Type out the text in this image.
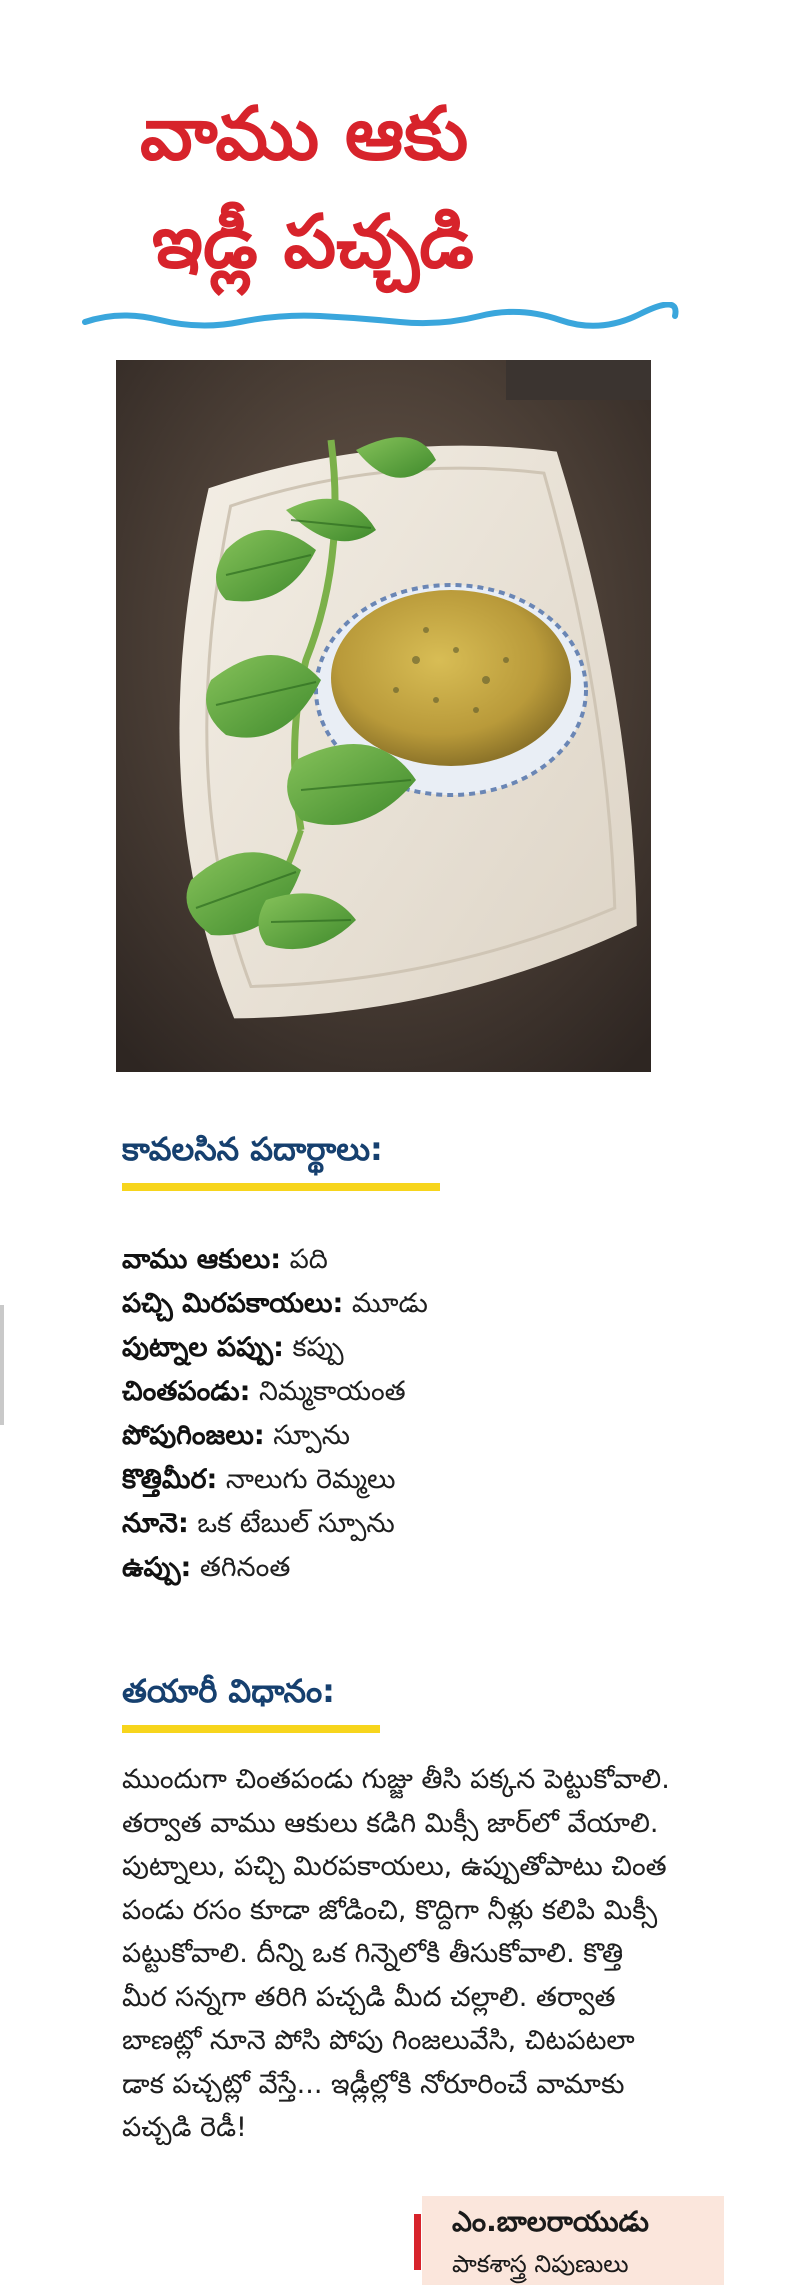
వాము ఆకు
ఇడ్లీ పచ్చడి
కావలసిన పదార్థాలు:
వాము ఆకులు: పది
పచ్చి మిరపకాయలు: మూడు
పుట్నాల పప్పు: కప్పు
చింతపండు: నిమ్మకాయంత
పోపుగింజలు: స్పూను
కొత్తిమీర: నాలుగు రెమ్మలు
నూనె: ఒక టేబుల్ స్పూను
ఉప్పు: తగినంత
తయారీ విధానం:
ముందుగా చింతపండు గుజ్జు తీసి పక్కన పెట్టుకోవాలి.
తర్వాత వాము ఆకులు కడిగి మిక్సీ జార్‌లో వేయాలి.
పుట్నాలు, పచ్చి మిరపకాయలు, ఉప్పుతోపాటు చింత
పండు రసం కూడా జోడించి, కొద్దిగా నీళ్లు కలిపి మిక్సీ
పట్టుకోవాలి. దీన్ని ఒక గిన్నెలోకి తీసుకోవాలి. కొత్తి
మీర సన్నగా తరిగి పచ్చడి మీద చల్లాలి. తర్వాత
బాణట్లో నూనె పోసి పోపు గింజలువేసి, చిటపటలా
డాక పచ్చట్లో వేస్తే... ఇడ్లీల్లోకి నోరూరించే వామాకు
పచ్చడి రెడీ!
ఎం.బాలరాయుడు
పాకశాస్త్ర నిపుణులు
